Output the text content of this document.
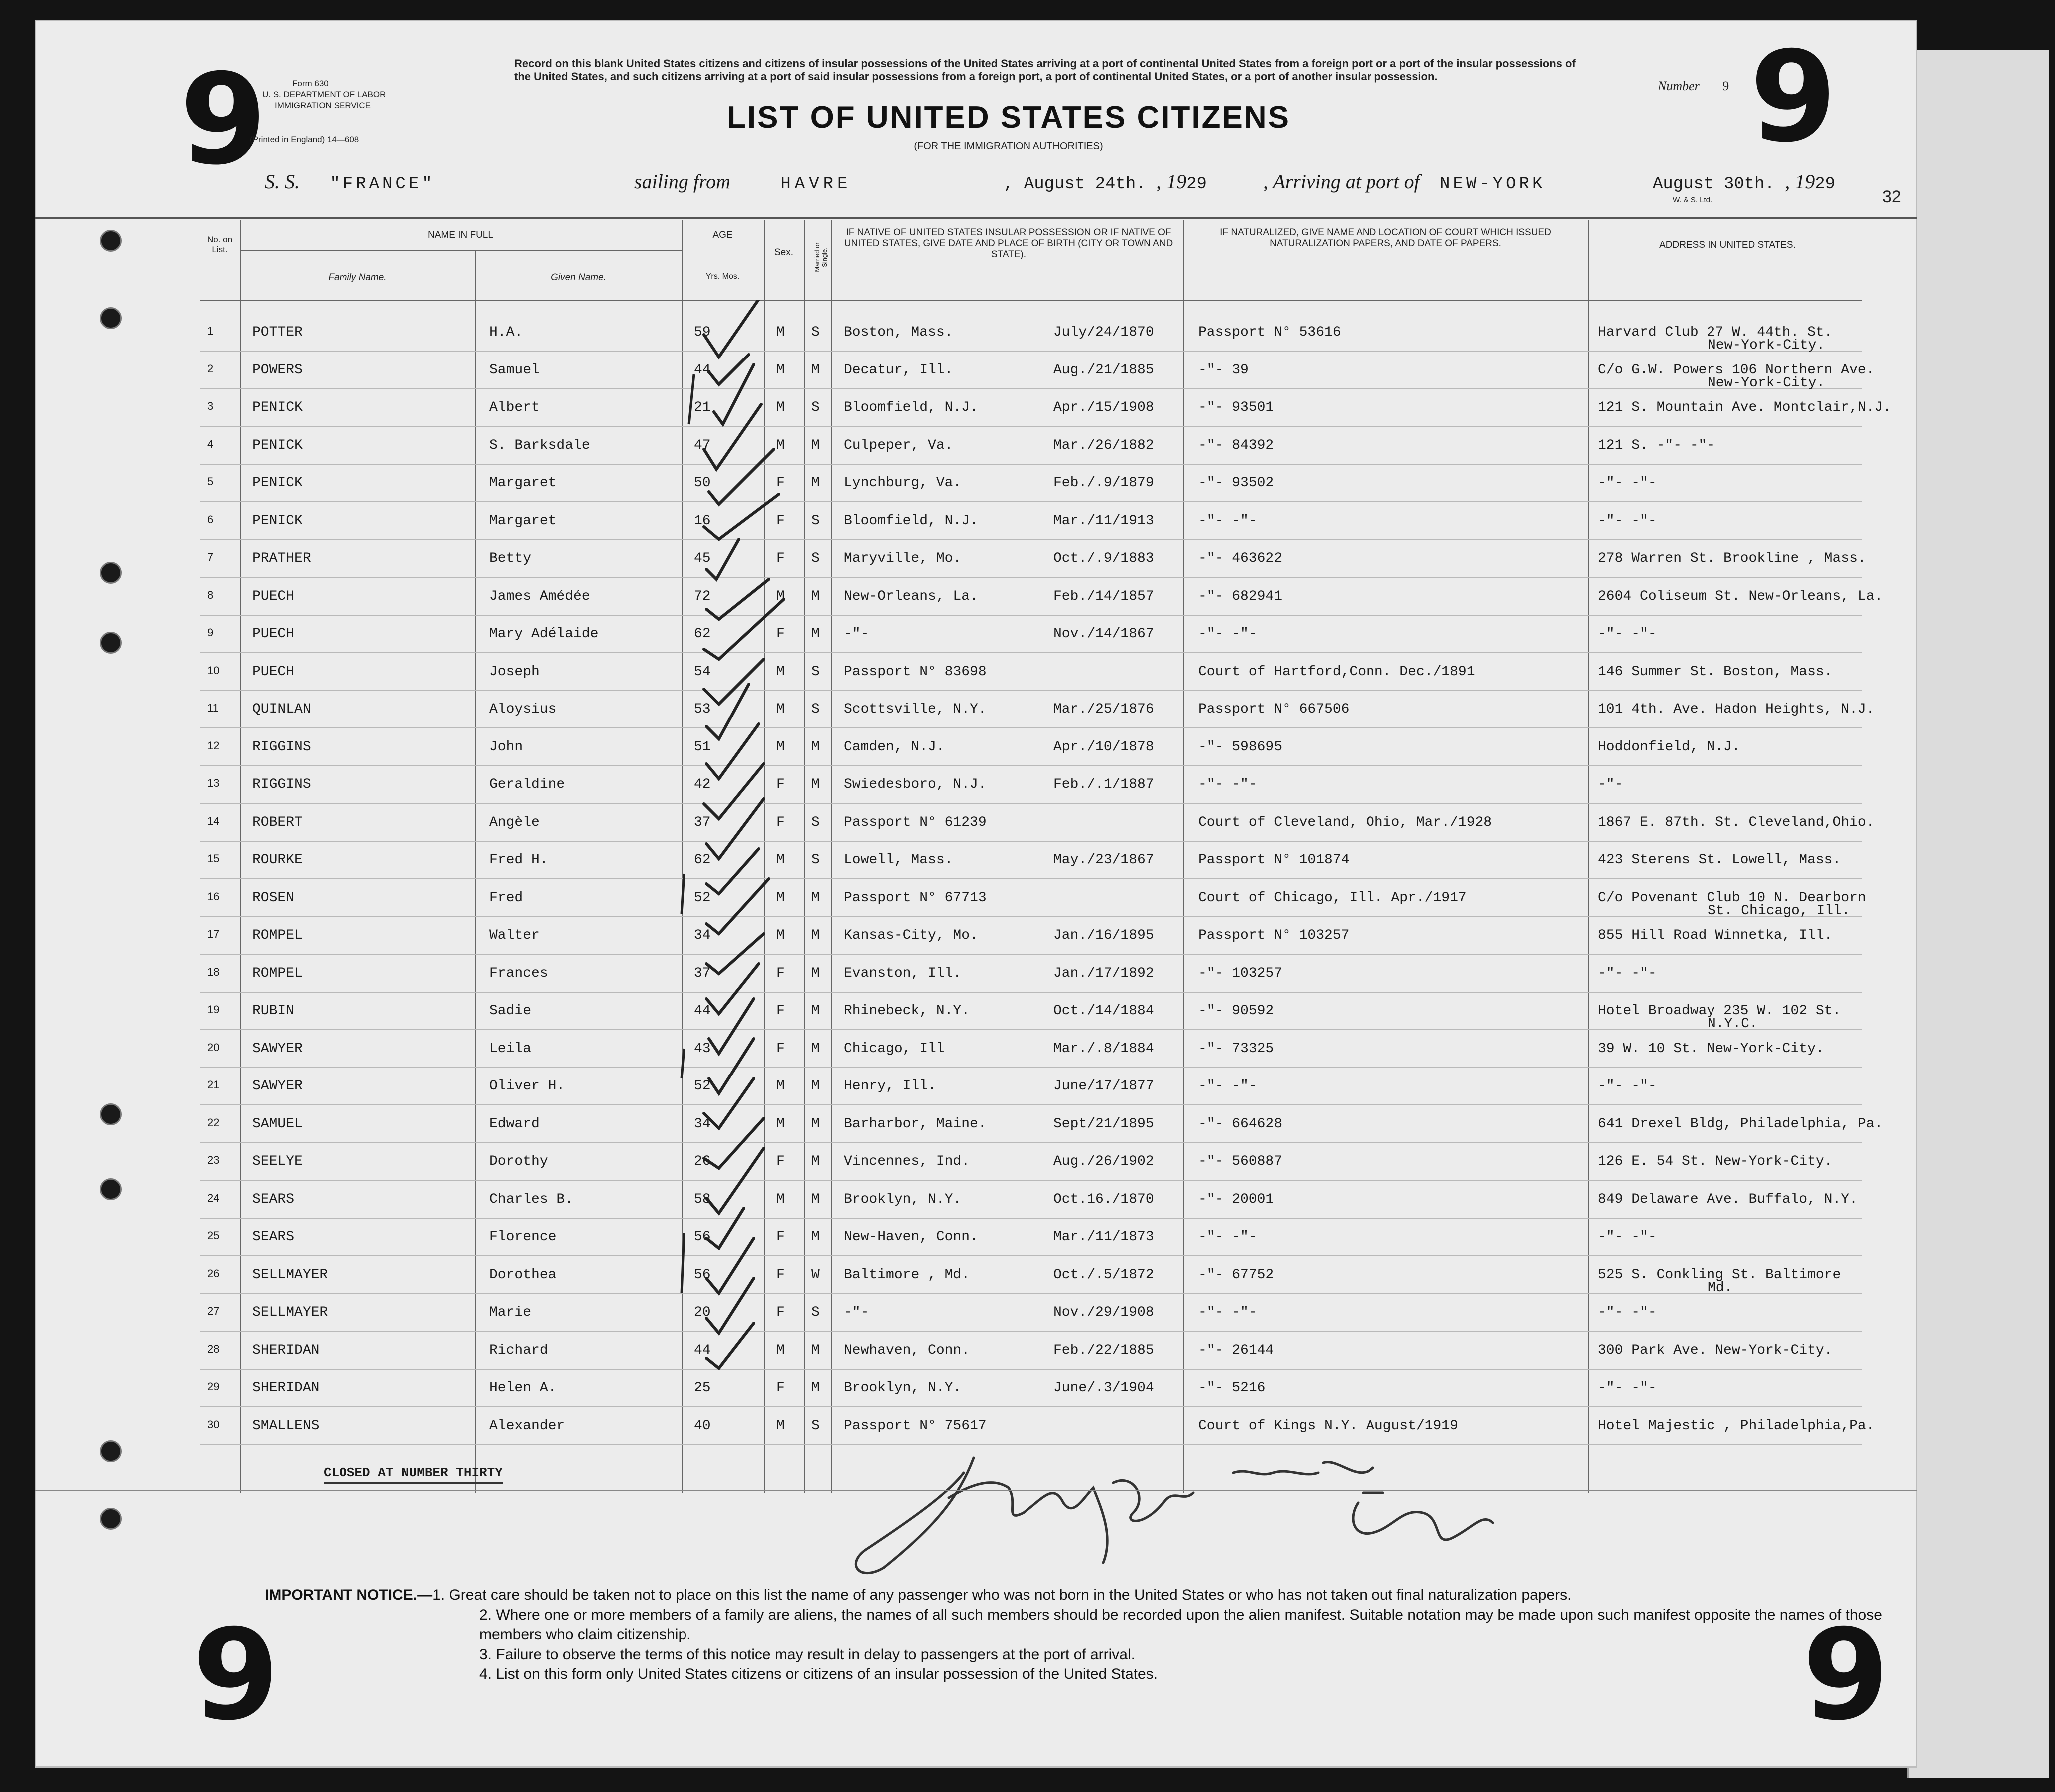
9	9
9	9
Form 630
U. S. DEPARTMENT OF LABOR
IMMIGRATION SERVICE
(Printed in England) 14—608
Record on this blank United States citizens and citizens of insular possessions of the United States arriving at a port of continental United States from a foreign port or a port of the insular possessions of the United States, and such citizens arriving at a port of said insular possessions from a foreign port, a port of continental United States, or a port of another insular possession.
LIST OF UNITED STATES CITIZENS
(FOR THE IMMIGRATION AUTHORITIES)
Number 9
W. & S. Ltd.
S. S. "FRANCE"	sailing from	HAVRE	, August 24th. , 1929	, Arriving at port of NEW-YORK	August 30th. , 1929
32
No. on List.
NAME IN FULL
Family Name.	Given Name.
AGE
Yrs. Mos.
Sex.	Married or Single.
IF NATIVE OF UNITED STATES INSULAR POSSESSION OR IF NATIVE OF UNITED STATES, GIVE DATE AND PLACE OF BIRTH (CITY OR TOWN AND STATE).
IF NATURALIZED, GIVE NAME AND LOCATION OF COURT WHICH ISSUED NATURALIZATION PAPERS, AND DATE OF PAPERS.	ADDRESS IN UNITED STATES.
1	POTTER	H.A.	59	M S Boston, Mass.	July/24/1870	Passport N° 53616	Harvard Club 27 W. 44th. St.
New-York-City.
2	POWERS	Samuel	44	M M Decatur, Ill.	Aug./21/1885	-"- 39	C/o G.W. Powers 106 Northern Ave.
New-York-City.
3	PENICK	Albert	21	M S Bloomfield, N.J.	Apr./15/1908	-"- 93501	121 S. Mountain Ave. Montclair,N.J.
4	PENICK	S. Barksdale	47	M M Culpeper, Va.	Mar./26/1882	-"- 84392	121 S. -"- -"-
5	PENICK	Margaret	50	F M Lynchburg, Va.	Feb./.9/1879	-"- 93502	-"- -"-
6	PENICK	Margaret	16	F S Bloomfield, N.J.	Mar./11/1913	-"- -"-	-"- -"-
7	PRATHER	Betty	45	F S Maryville, Mo.	Oct./.9/1883	-"- 463622	278 Warren St. Brookline , Mass.
8	PUECH	James Amédée	72	M M New-Orleans, La.	Feb./14/1857	-"- 682941	2604 Coliseum St. New-Orleans, La.
9	PUECH	Mary Adélaide	62	F M -"-	Nov./14/1867	-"- -"-	-"- -"-
10 PUECH	Joseph	54	M S Passport N° 83698	Court of Hartford,Conn. Dec./1891	146 Summer St. Boston, Mass.
11 QUINLAN	Aloysius	53	M S Scottsville, N.Y.	Mar./25/1876	Passport N° 667506	101 4th. Ave. Hadon Heights, N.J.
12 RIGGINS	John	51	M M Camden, N.J.	Apr./10/1878	-"- 598695	Hoddonfield, N.J.
13 RIGGINS	Geraldine	42	F M Swiedesboro, N.J.	Feb./.1/1887	-"- -"-	-"-
14 ROBERT	Angèle	37	F S Passport N° 61239	Court of Cleveland, Ohio, Mar./1928	1867 E. 87th. St. Cleveland,Ohio.
15 ROURKE	Fred H.	62	M S Lowell, Mass.	May./23/1867	Passport N° 101874	423 Sterens St. Lowell, Mass.
16 ROSEN	Fred	52	M M Passport N° 67713	Court of Chicago, Ill. Apr./1917	C/o Povenant Club 10 N. Dearborn
St. Chicago, Ill.
17 ROMPEL	Walter	34	M M Kansas-City, Mo.	Jan./16/1895	Passport N° 103257	855 Hill Road Winnetka, Ill.
18 ROMPEL	Frances	37	F M Evanston, Ill.	Jan./17/1892	-"- 103257	-"- -"-
19 RUBIN	Sadie	44	F M Rhinebeck, N.Y.	Oct./14/1884	-"- 90592	Hotel Broadway 235 W. 102 St.
N.Y.C.
20 SAWYER	Leila	43	F M Chicago, Ill	Mar./.8/1884	-"- 73325	39 W. 10 St. New-York-City.
21 SAWYER	Oliver H.	52	M M Henry, Ill.	June/17/1877	-"- -"-	-"- -"-
22 SAMUEL	Edward	34	M M Barharbor, Maine.	Sept/21/1895	-"- 664628	641 Drexel Bldg, Philadelphia, Pa.
23 SEELYE	Dorothy	26	F M Vincennes, Ind.	Aug./26/1902	-"- 560887	126 E. 54 St. New-York-City.
24 SEARS	Charles B.	58	M M Brooklyn, N.Y.	Oct.16./1870	-"- 20001	849 Delaware Ave. Buffalo, N.Y.
25 SEARS	Florence	56	F M New-Haven, Conn.	Mar./11/1873	-"- -"-	-"- -"-
26 SELLMAYER	Dorothea	56	F W Baltimore , Md.	Oct./.5/1872	-"- 67752	525 S. Conkling St. Baltimore
Md.
27 SELLMAYER	Marie	20	F S -"-	Nov./29/1908	-"- -"-	-"- -"-
28 SHERIDAN	Richard	44	M M Newhaven, Conn.	Feb./22/1885	-"- 26144	300 Park Ave. New-York-City.
29 SHERIDAN	Helen A.	25	F M Brooklyn, N.Y.	June/.3/1904	-"- 5216	-"- -"-
30 SMALLENS	Alexander	40	M S Passport N° 75617	Court of Kings N.Y. August/1919	Hotel Majestic , Philadelphia,Pa.
CLOSED AT NUMBER THIRTY
IMPORTANT NOTICE.—1. Great care should be taken not to place on this list the name of any passenger who was not born in the United States or who has not taken out final naturalization papers.
2. Where one or more members of a family are aliens, the names of all such members should be recorded upon the alien manifest. Suitable notation may be made upon such manifest opposite the names of those members who claim citizenship.
3. Failure to observe the terms of this notice may result in delay to passengers at the port of arrival.
4. List on this form only United States citizens or citizens of an insular possession of the United States.
